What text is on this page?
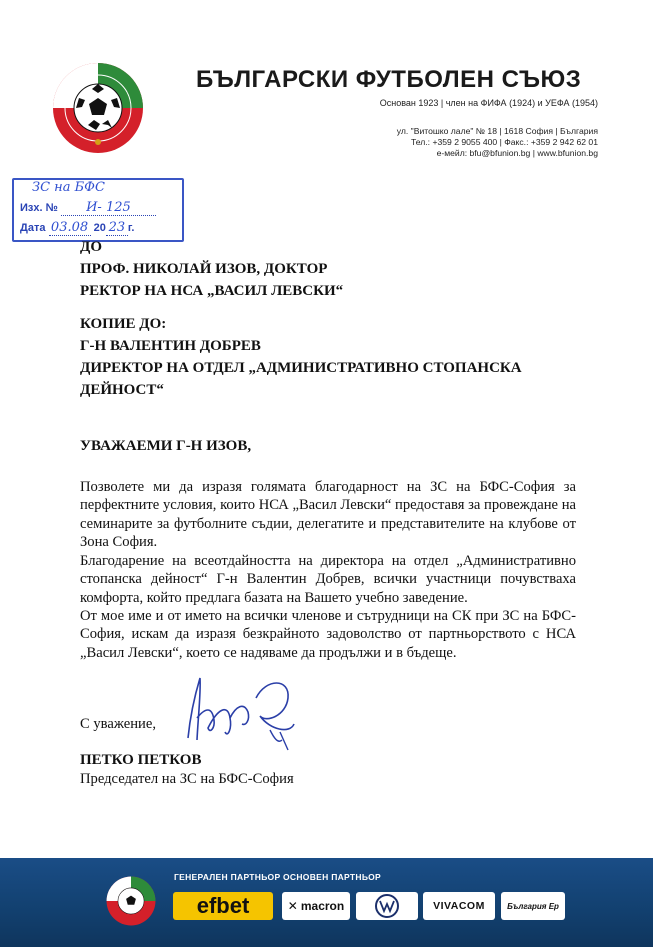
БЪЛГАРСКИ ФУТБОЛЕН СЪЮЗ
Основан 1923 | член на ФИФА (1924) и УЕФА (1954)
ул. "Витошко лале" № 18 | 1618 София | България
Тел.: +359 2 9055 400 | Факс.: +359 2 942 62 01
е-мейл: bfu@bfunion.bg | www.bfunion.bg
ЗС на БФС
Изх. № И- 125
Дата 03.08 20 23 г.
ДО
ПРОФ. НИКОЛАЙ ИЗОВ, ДОКТОР
РЕКТОР НА НСА „ВАСИЛ ЛЕВСКИ“
КОПИЕ ДО:
Г-Н ВАЛЕНТИН ДОБРЕВ
ДИРЕКТОР НА ОТДЕЛ „АДМИНИСТРАТИВНО СТОПАНСКА
ДЕЙНОСТ“
УВАЖАЕМИ Г-Н ИЗОВ,
Позволете ми да изразя голямата благодарност на ЗС на БФС-София за перфектните условия, които НСА „Васил Левски“ предоставя за провеждане на семинарите за футболните съдии, делегатите и представителите на клубове от Зона София.
Благодарение на всеотдайността на директора на отдел „Административно стопанска дейност“ Г-н Валентин Добрев, всички участници почувстваха комфорта, който предлага базата на Вашето учебно заведение.
От мое име и от името на всички членове и сътрудници на СК при ЗС на БФС-София, искам да изразя безкрайното задоволство от партньорството с НСА „Васил Левски“, което се надяваме да продължи и в бъдеще.
С уважение,
ПЕТКО ПЕТКОВ
Председател на ЗС на БФС-София
ГЕНЕРАЛЕН ПАРТНЬОР ОСНОВЕН ПАРТНЬОР
efbet	✕ macron	VIVACOM	България Ер
